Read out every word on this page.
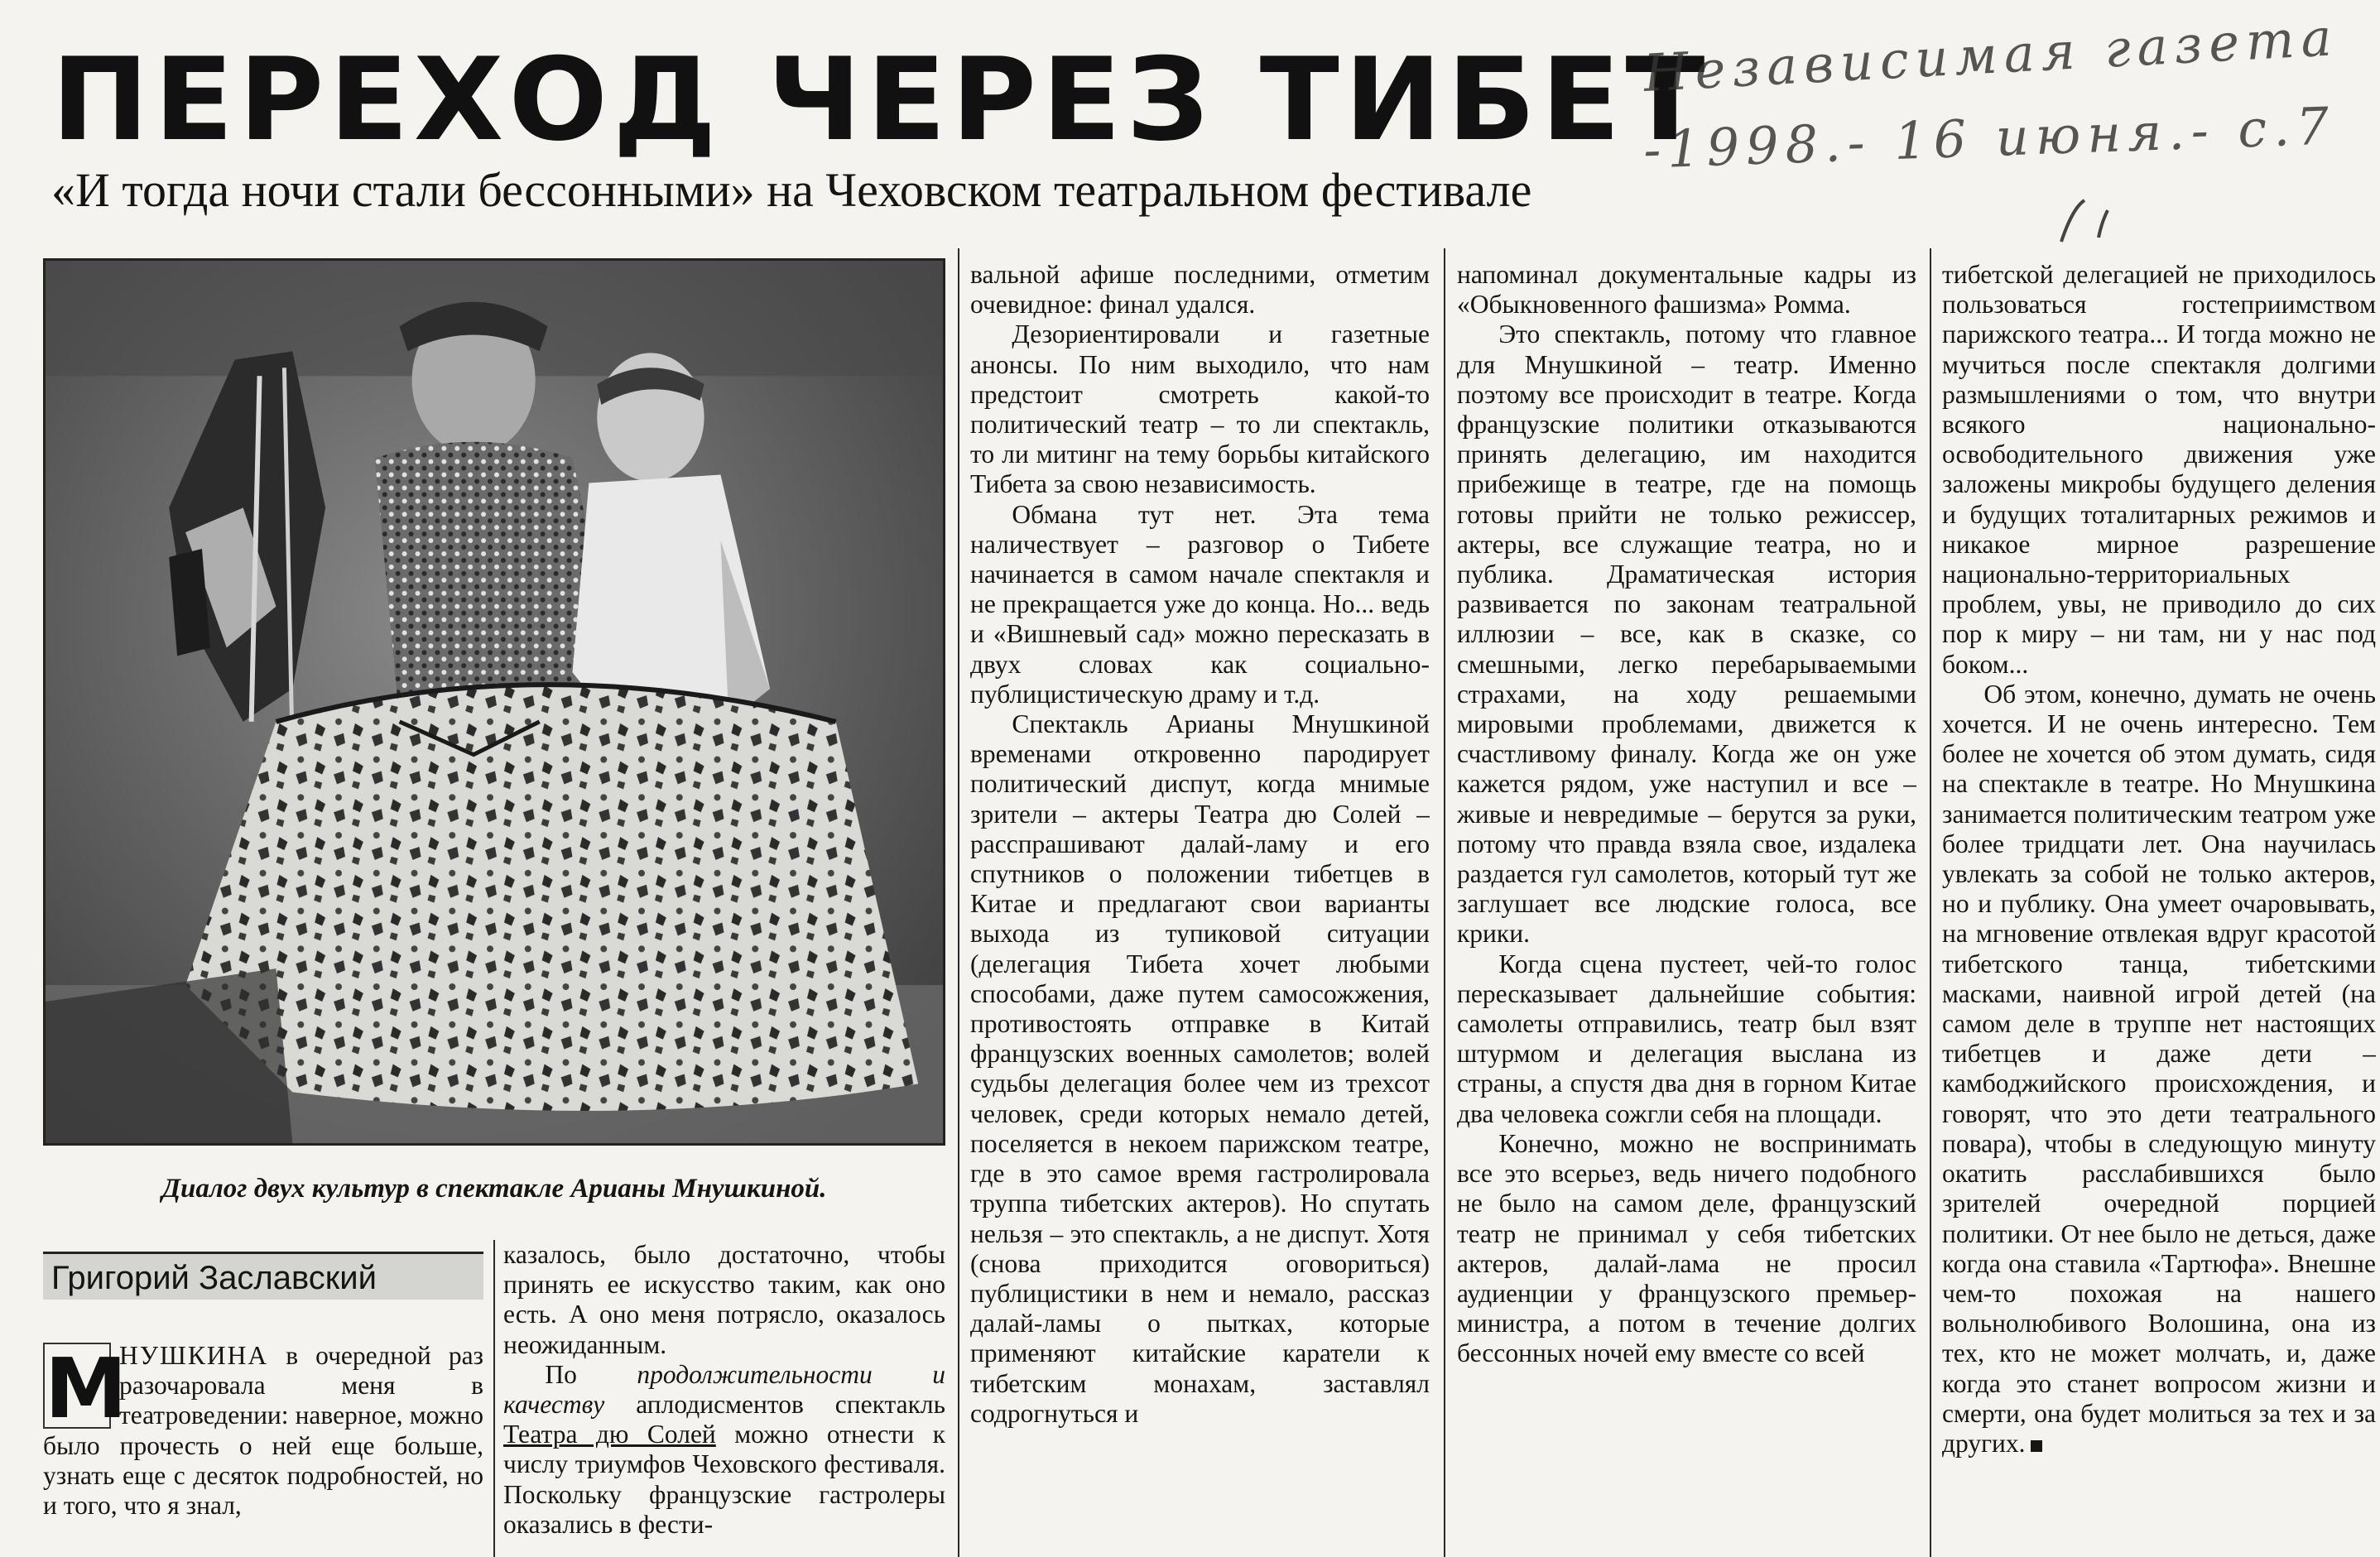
ПЕРЕХОД ЧЕРЕЗ ТИБЕТ
«И тогда ночи стали бессонными» на Чеховском театральном фестивале
Независимая газета
-1998.- 16 июня.- с.7
Диалог двух культур в спектакле Арианы Мнушкиной.
Григорий Заславский

М
НУШКИНА в очередной раз разочаровала меня в театроведении: наверное, можно было прочесть о ней еще больше, узнать еще с десяток подробностей, но и того, что я знал,

казалось, было достаточно, чтобы принять ее искусство таким, как оно есть. А оно меня потрясло, оказалось неожиданным.

По продолжительности и качеству аплодисментов спектакль Театра дю Солей можно отнести к числу триумфов Чеховского фестиваля. Поскольку французские гастролеры оказались в фести-

вальной афише последними, отметим очевидное: финал удался.

Дезориентировали и газетные анонсы. По ним выходило, что нам предстоит смотреть какой-то политический театр – то ли спектакль, то ли митинг на тему борьбы китайского Тибета за свою независимость.

Обмана тут нет. Эта тема наличествует – разговор о Тибете начинается в самом начале спектакля и не прекращается уже до конца. Но... ведь и «Вишневый сад» можно пересказать в двух словах как социально-публицистическую драму и т.д.

Спектакль Арианы Мнушкиной временами откровенно пародирует политический диспут, когда мнимые зрители – актеры Театра дю Солей – расспрашивают далай-ламу и его спутников о положении тибетцев в Китае и предлагают свои варианты выхода из тупиковой ситуации (делегация Тибета хочет любыми способами, даже путем самосожжения, противостоять отправке в Китай французских военных самолетов; волей судьбы делегация более чем из трехсот человек, среди которых немало детей, поселяется в некоем парижском театре, где в это самое время гастролировала труппа тибетских актеров). Но спутать нельзя – это спектакль, а не диспут. Хотя (снова приходится оговориться) публицистики в нем и немало, рассказ далай-ламы о пытках, которые применяют китайские каратели к тибетским монахам, заставлял содрогнуться и

напоминал документальные кадры из «Обыкновенного фашизма» Ромма.

Это спектакль, потому что главное для Мнушкиной – театр. Именно поэтому все происходит в театре. Когда французские политики отказываются принять делегацию, им находится прибежище в театре, где на помощь готовы прийти не только режиссер, актеры, все служащие театра, но и публика. Драматическая история развивается по законам театральной иллюзии – все, как в сказке, со смешными, легко перебарываемыми страхами, на ходу решаемыми мировыми проблемами, движется к счастливому финалу. Когда же он уже кажется рядом, уже наступил и все – живые и невредимые – берутся за руки, потому что правда взяла свое, издалека раздается гул самолетов, который тут же заглушает все людские голоса, все крики.

Когда сцена пустеет, чей-то голос пересказывает дальнейшие события: самолеты отправились, театр был взят штурмом и делегация выслана из страны, а спустя два дня в горном Китае два человека сожгли себя на площади.

Конечно, можно не воспринимать все это всерьез, ведь ничего подобного не было на самом деле, французский театр не принимал у себя тибетских актеров, далай-лама не просил аудиенции у французского премьер-министра, а потом в течение долгих бессонных ночей ему вместе со всей

тибетской делегацией не приходилось пользоваться гостеприимством парижского театра... И тогда можно не мучиться после спектакля долгими размышлениями о том, что внутри всякого национально-освободительного движения уже заложены микробы будущего деления и будущих тоталитарных режимов и никакое мирное разрешение национально-территориальных проблем, увы, не приводило до сих пор к миру – ни там, ни у нас под боком...

Об этом, конечно, думать не очень хочется. И не очень интересно. Тем более не хочется об этом думать, сидя на спектакле в театре. Но Мнушкина занимается политическим театром уже более тридцати лет. Она научилась увлекать за собой не только актеров, но и публику. Она умеет очаровывать, на мгновение отвлекая вдруг красотой тибетского танца, тибетскими масками, наивной игрой детей (на самом деле в труппе нет настоящих тибетцев и даже дети – камбоджийского происхождения, и говорят, что это дети театрального повара), чтобы в следующую минуту окатить расслабившихся было зрителей очередной порцией политики. От нее было не деться, даже когда она ставила «Тартюфа». Внешне чем-то похожая на нашего вольнолюбивого Волошина, она из тех, кто не может молчать, и, даже когда это станет вопросом жизни и смерти, она будет молиться за тех и за других.
